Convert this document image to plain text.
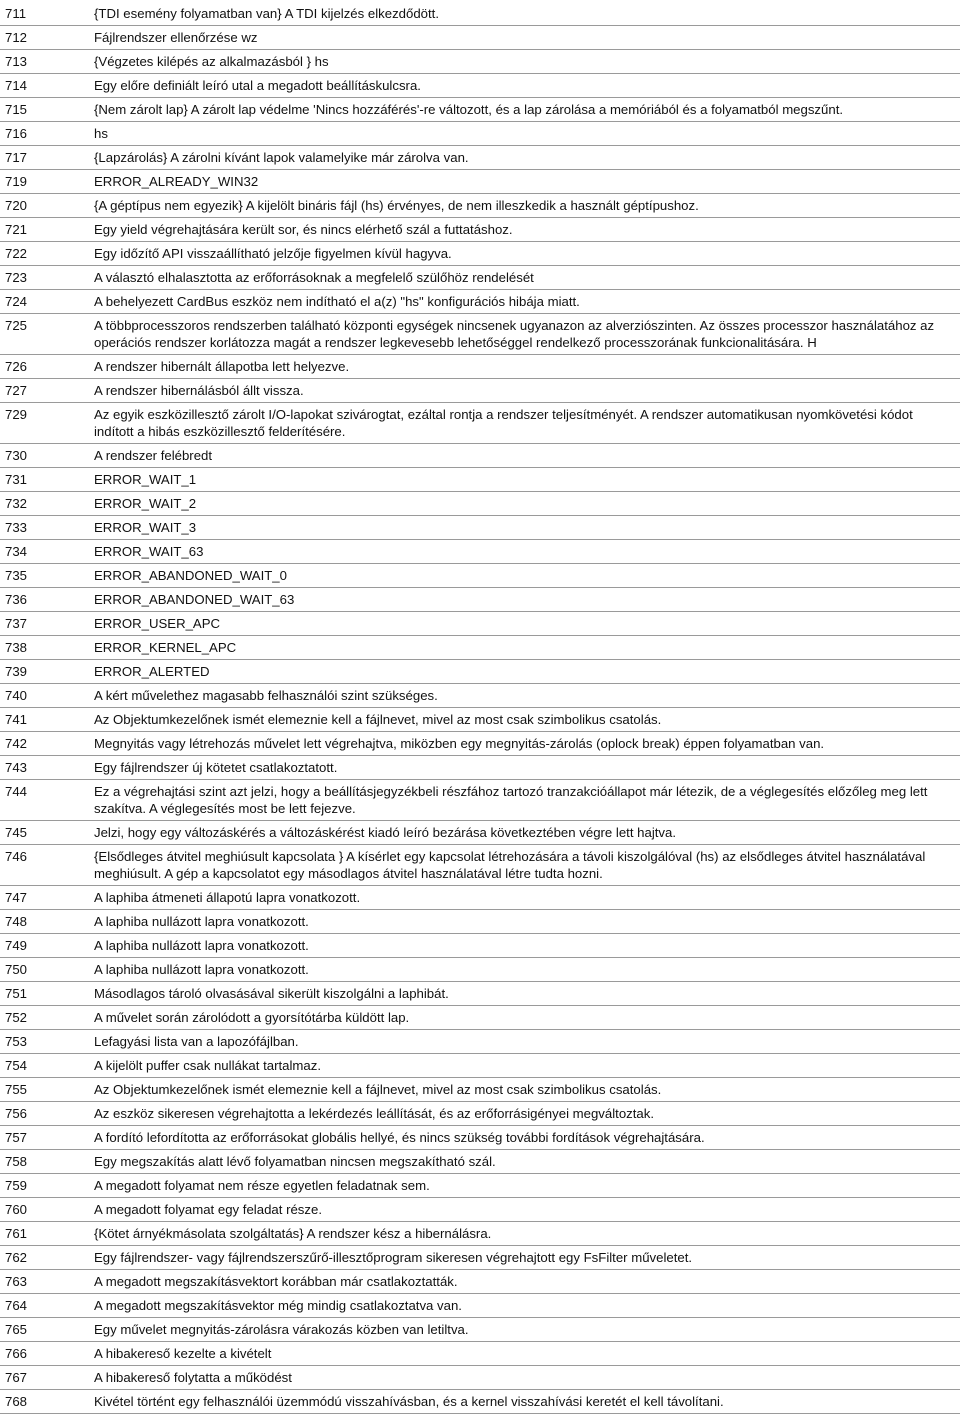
711	{TDI esemény folyamatban van} A TDI kijelzés elkezdődött.
712	Fájlrendszer ellenőrzése wz
713	{Végzetes kilépés az alkalmazásból } hs
714	Egy előre definiált leíró utal a megadott beállításkulcsra.
715	{Nem zárolt lap} A zárolt lap védelme 'Nincs hozzáférés'-re változott, és a lap zárolása a memóriából és a folyamatból megszűnt.
716	hs
717	{Lapzárolás} A zárolni kívánt lapok valamelyike már zárolva van.
719	ERROR_ALREADY_WIN32
720	{A géptípus nem egyezik} A kijelölt bináris fájl (hs) érvényes, de nem illeszkedik a használt géptípushoz.
721	Egy yield végrehajtására került sor, és nincs elérhető szál a futtatáshoz.
722	Egy időzítő API visszaállítható jelzője figyelmen kívül hagyva.
723	A választó elhalasztotta az erőforrásoknak a megfelelő szülőhöz rendelését
724	A behelyezett CardBus eszköz nem indítható el a(z) "hs" konfigurációs hibája miatt.
725	A többprocesszoros rendszerben található központi egységek nincsenek ugyanazon az alverziószinten. Az összes processzor használatához az operációs rendszer korlátozza magát a rendszer legkevesebb lehetőséggel rendelkező processzorának funkcionalitására. H
726	A rendszer hibernált állapotba lett helyezve.
727	A rendszer hibernálásból állt vissza.
729	Az egyik eszközillesztő zárolt I/O-lapokat szivárogtat, ezáltal rontja a rendszer teljesítményét. A rendszer automatikusan nyomkövetési kódot indított a hibás eszközillesztő felderítésére.
730	A rendszer felébredt
731	ERROR_WAIT_1
732	ERROR_WAIT_2
733	ERROR_WAIT_3
734	ERROR_WAIT_63
735	ERROR_ABANDONED_WAIT_0
736	ERROR_ABANDONED_WAIT_63
737	ERROR_USER_APC
738	ERROR_KERNEL_APC
739	ERROR_ALERTED
740	A kért művelethez magasabb felhasználói szint szükséges.
741	Az Objektumkezelőnek ismét elemeznie kell a fájlnevet, mivel az most csak szimbolikus csatolás.
742	Megnyitás vagy létrehozás művelet lett végrehajtva, miközben egy megnyitás-zárolás (oplock break) éppen folyamatban van.
743	Egy fájlrendszer új kötetet csatlakoztatott.
744	Ez a végrehajtási szint azt jelzi, hogy a beállításjegyzékbeli részfához tartozó tranzakcióállapot már létezik, de a véglegesítés előzőleg meg lett szakítva. A véglegesítés most be lett fejezve.
745	Jelzi, hogy egy változáskérés a változáskérést kiadó leíró bezárása következtében végre lett hajtva.
746	{Elsődleges átvitel meghiúsult kapcsolata } A kísérlet egy kapcsolat létrehozására a távoli kiszolgálóval (hs) az elsődleges átvitel használatával meghiúsult. A gép a kapcsolatot egy másodlagos átvitel használatával létre tudta hozni.
747	A laphiba átmeneti állapotú lapra vonatkozott.
748	A laphiba nullázott lapra vonatkozott.
749	A laphiba nullázott lapra vonatkozott.
750	A laphiba nullázott lapra vonatkozott.
751	Másodlagos tároló olvasásával sikerült kiszolgálni a laphibát.
752	A művelet során zárolódott a gyorsítótárba küldött lap.
753	Lefagyási lista van a lapozófájlban.
754	A kijelölt puffer csak nullákat tartalmaz.
755	Az Objektumkezelőnek ismét elemeznie kell a fájlnevet, mivel az most csak szimbolikus csatolás.
756	Az eszköz sikeresen végrehajtotta a lekérdezés leállítását, és az erőforrásigényei megváltoztak.
757	A fordító lefordította az erőforrásokat globális hellyé, és nincs szükség további fordítások végrehajtására.
758	Egy megszakítás alatt lévő folyamatban nincsen megszakítható szál.
759	A megadott folyamat nem része egyetlen feladatnak sem.
760	A megadott folyamat egy feladat része.
761	{Kötet árnyékmásolata szolgáltatás} A rendszer kész a hibernálásra.
762	Egy fájlrendszer- vagy fájlrendszerszűrő-illesztőprogram sikeresen végrehajtott egy FsFilter műveletet.
763	A megadott megszakításvektort korábban már csatlakoztatták.
764	A megadott megszakításvektor még mindig csatlakoztatva van.
765	Egy művelet megnyitás-zárolásra várakozás közben van letiltva.
766	A hibakereső kezelte a kivételt
767	A hibakereső folytatta a működést
768	Kivétel történt egy felhasználói üzemmódú visszahívásban, és a kernel visszahívási keretét el kell távolítani.
